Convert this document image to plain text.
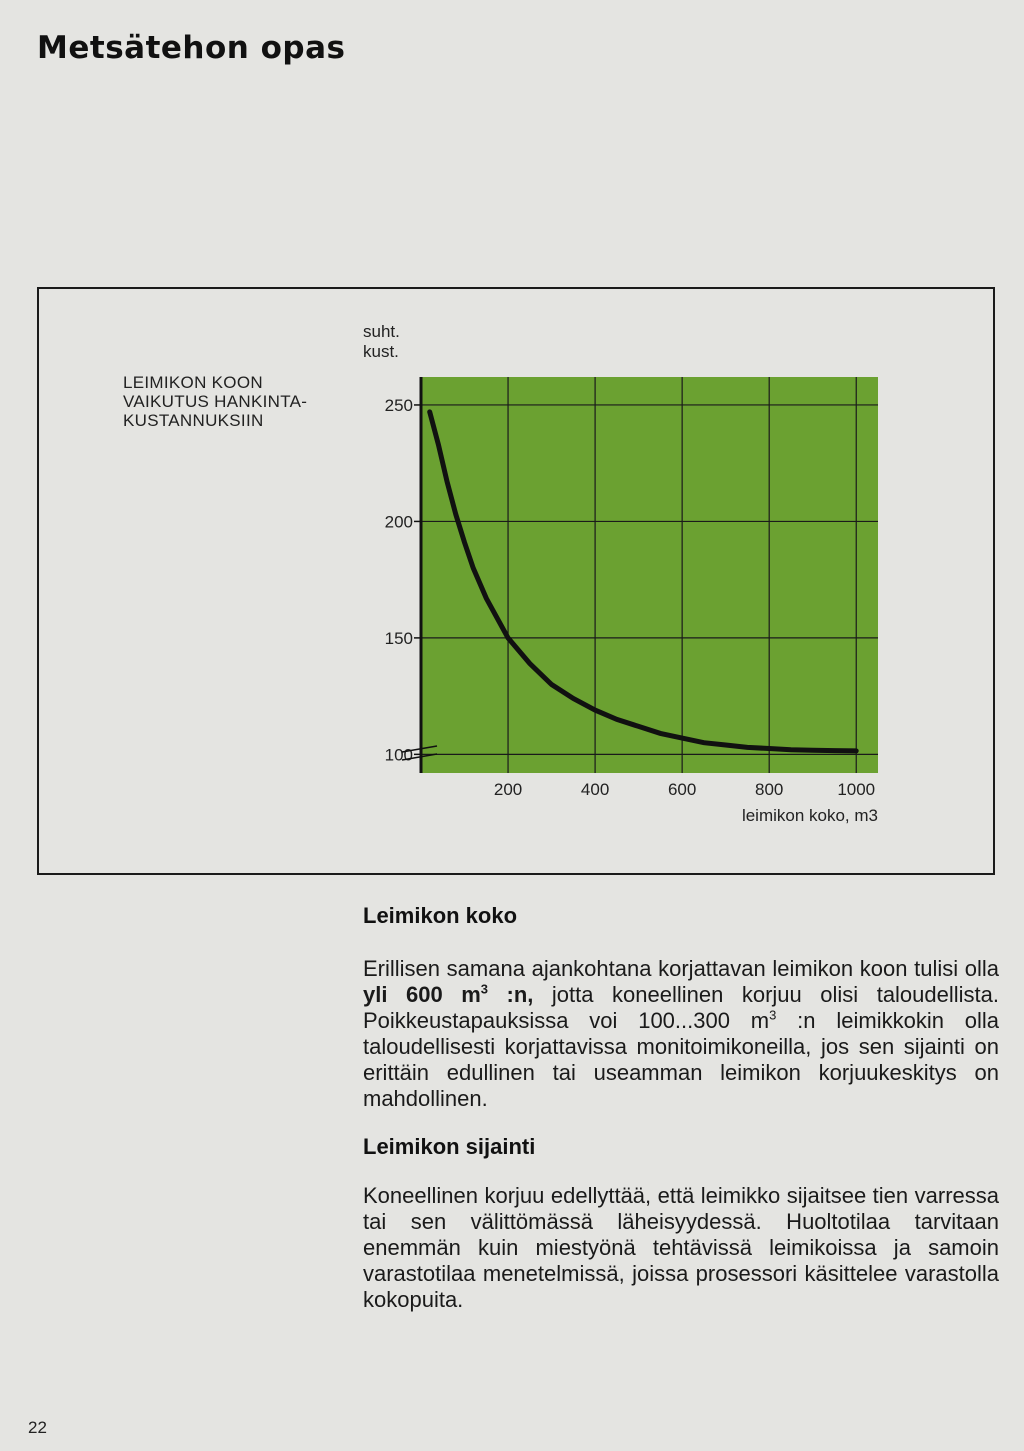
Metsätehon opas
LEIMIKON KOON
VAIKUTUS HANKINTA-
KUSTANNUKSIIN
suht.
kust.
200	400	600	800	1000
100
150
200
250
leimikon koko, m3
Leimikon koko

Erillisen samana ajankohtana korjattavan leimikon koon tulisi olla yli 600 $m^3$ :n, jotta koneellinen korjuu olisi taloudellista. Poikkeustapauksissa voi 100...300 $m^3$ :n leimikkokin olla taloudellisesti korjattavissa monitoimikoneilla, jos sen sijainti on erittäin edullinen tai useamman leimikon korjuukeskitys on mahdollinen.

Leimikon sijainti

Koneellinen korjuu edellyttää, että leimikko sijaitsee tien varressa tai sen välittömässä läheisyydessä. Huoltotilaa tarvitaan enemmän kuin miestyönä tehtävissä leimikoissa ja samoin varastotilaa menetelmissä, joissa prosessori käsittelee varastolla kokopuita.

22
